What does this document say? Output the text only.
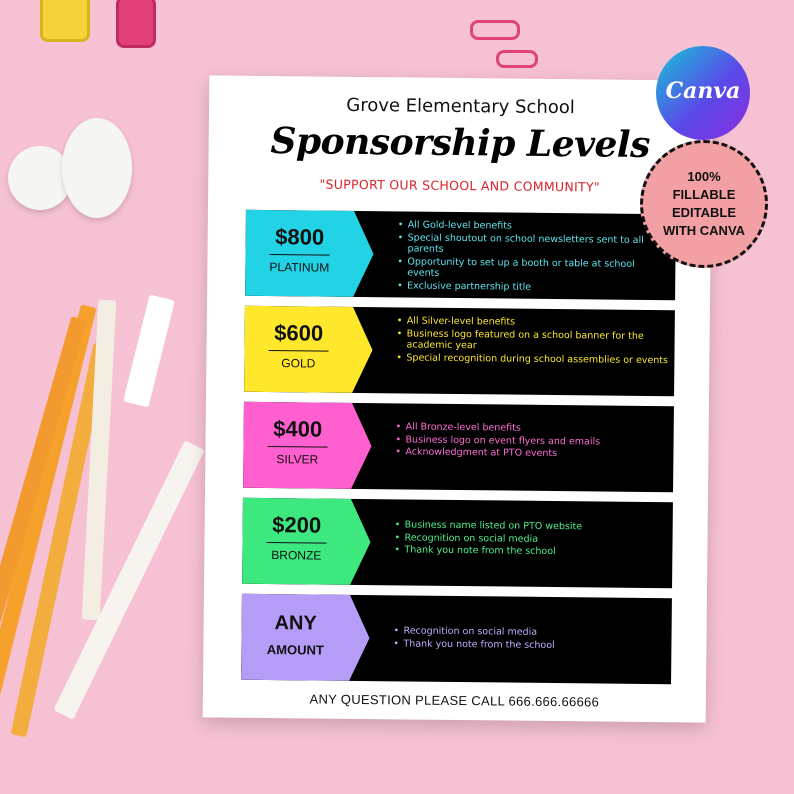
Grove Elementary School
Sponsorship Levels
"SUPPORT OUR SCHOOL AND COMMUNITY"
$800
PLATINUM
• All Gold-level benefits
• Special shoutout on school newsletters sent to all parents
• Opportunity to set up a booth or table at school events
• Exclusive partnership title
$600
GOLD
• All Silver-level benefits
• Business logo featured on a school banner for the academic year
• Special recognition during school assemblies or events
$400
SILVER
• All Bronze-level benefits
• Business logo on event flyers and emails
• Acknowledgment at PTO events
$200
BRONZE
• Business name listed on PTO website
• Recognition on social media
• Thank you note from the school
ANY
AMOUNT
• Recognition on social media
• Thank you note from the school
ANY QUESTION PLEASE CALL 666.666.66666
Canva
100%
FILLABLE
EDITABLE
WITH CANVA
